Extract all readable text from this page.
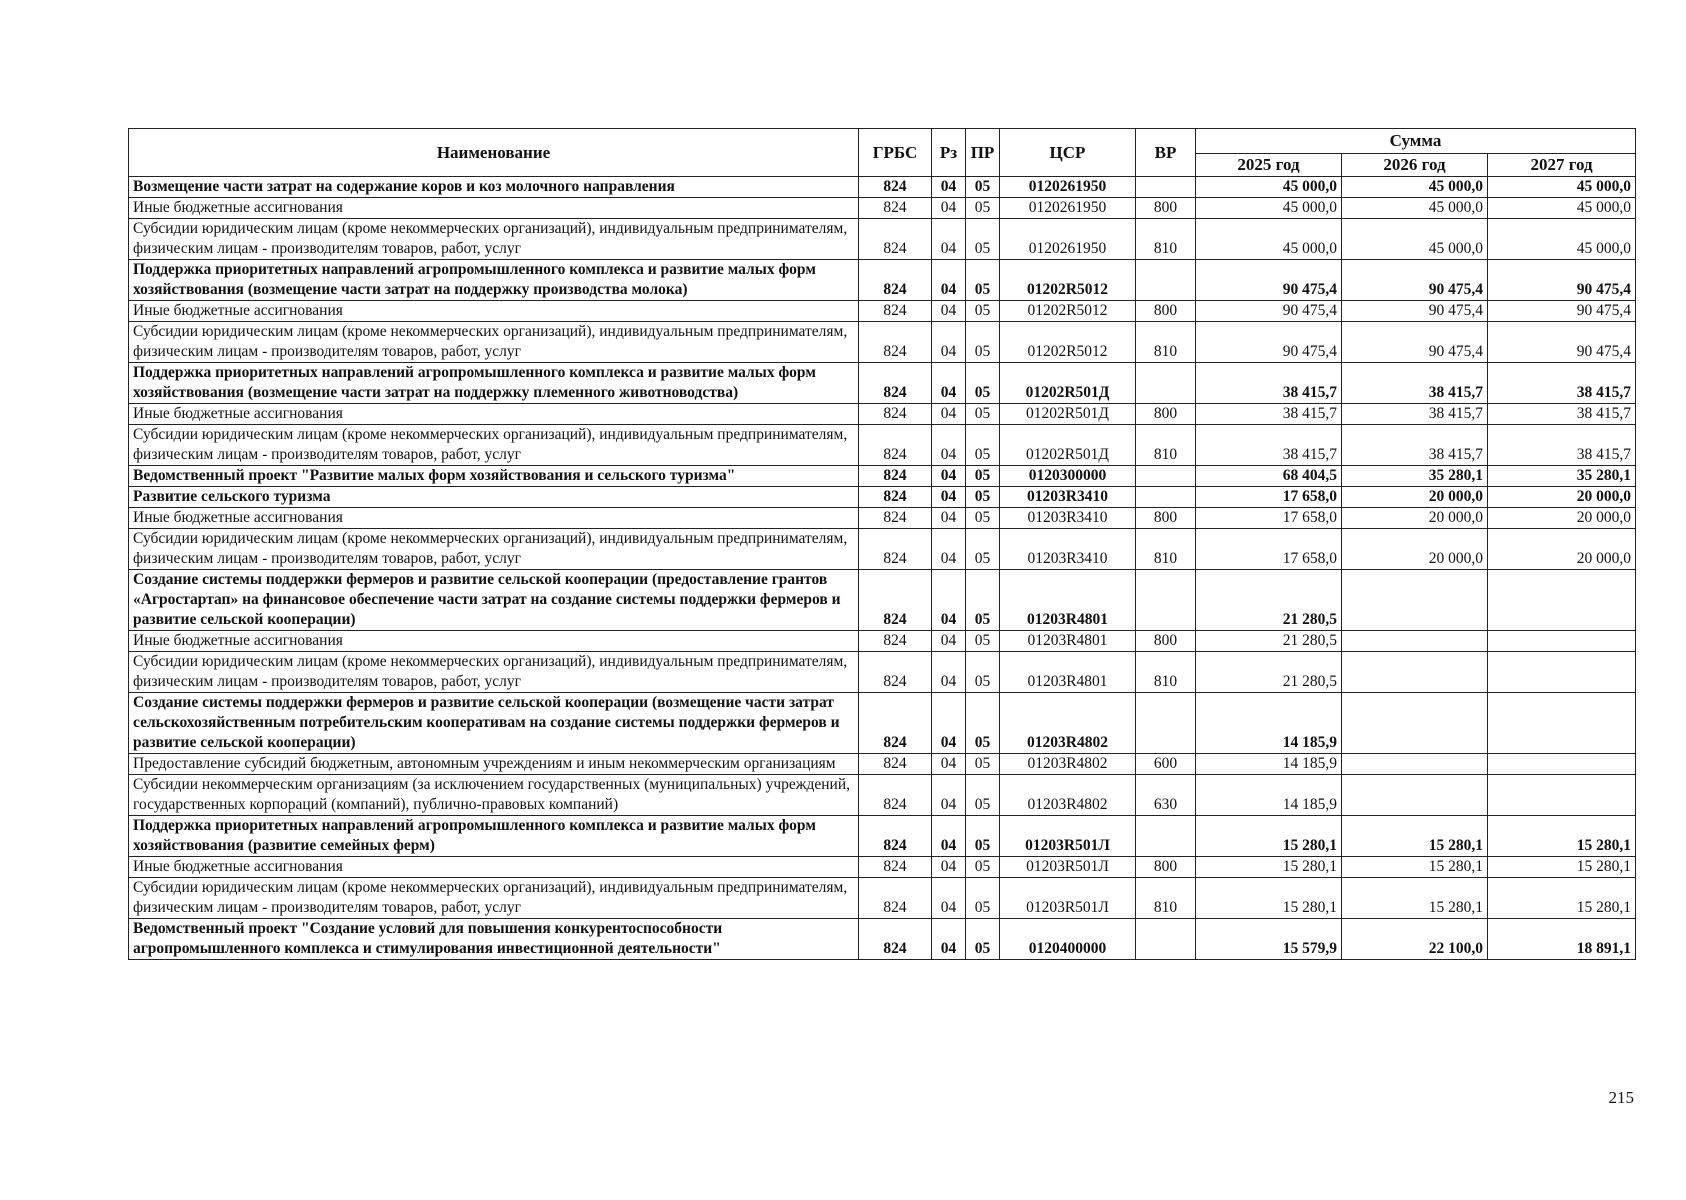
Наименование	ГРБС	Рз	ПР	ЦСР	ВР	Сумма		
						2025 год	2026 год	2027 год
Возмещение части затрат на содержание коров и коз молочного направления	824	04	05	0120261950		45 000,0	45 000,0	45 000,0
Иные бюджетные ассигнования	824	04	05	0120261950	800	45 000,0	45 000,0	45 000,0
Субсидии юридическим лицам (кроме некоммерческих организаций), индивидуальным предпринимателям, физическим лицам - производителям товаров, работ, услуг	824	04	05	0120261950	810	45 000,0	45 000,0	45 000,0
Поддержка приоритетных направлений агропромышленного комплекса и развитие малых форм хозяйствования (возмещение части затрат на поддержку производства молока)	824	04	05	01202R5012		90 475,4	90 475,4	90 475,4
Иные бюджетные ассигнования	824	04	05	01202R5012	800	90 475,4	90 475,4	90 475,4
Субсидии юридическим лицам (кроме некоммерческих организаций), индивидуальным предпринимателям, физическим лицам - производителям товаров, работ, услуг	824	04	05	01202R5012	810	90 475,4	90 475,4	90 475,4
Поддержка приоритетных направлений агропромышленного комплекса и развитие малых форм хозяйствования (возмещение части затрат на поддержку племенного животноводства)	824	04	05	01202R501Д		38 415,7	38 415,7	38 415,7
Иные бюджетные ассигнования	824	04	05	01202R501Д	800	38 415,7	38 415,7	38 415,7
Субсидии юридическим лицам (кроме некоммерческих организаций), индивидуальным предпринимателям, физическим лицам - производителям товаров, работ, услуг	824	04	05	01202R501Д	810	38 415,7	38 415,7	38 415,7
Ведомственный проект "Развитие малых форм хозяйствования и сельского туризма"	824	04	05	0120300000		68 404,5	35 280,1	35 280,1
Развитие сельского туризма	824	04	05	01203R3410		17 658,0	20 000,0	20 000,0
Иные бюджетные ассигнования	824	04	05	01203R3410	800	17 658,0	20 000,0	20 000,0
Субсидии юридическим лицам (кроме некоммерческих организаций), индивидуальным предпринимателям, физическим лицам - производителям товаров, работ, услуг	824	04	05	01203R3410	810	17 658,0	20 000,0	20 000,0
Создание системы поддержки фермеров и развитие сельской кооперации (предоставление грантов «Агростартап» на финансовое обеспечение части затрат на создание системы поддержки фермеров и развитие сельской кооперации)	824	04	05	01203R4801		21 280,5		
Иные бюджетные ассигнования	824	04	05	01203R4801	800	21 280,5		
Субсидии юридическим лицам (кроме некоммерческих организаций), индивидуальным предпринимателям, физическим лицам - производителям товаров, работ, услуг	824	04	05	01203R4801	810	21 280,5		
Создание системы поддержки фермеров и развитие сельской кооперации (возмещение части затрат сельскохозяйственным потребительским кооперативам на создание системы поддержки фермеров и развитие сельской кооперации)	824	04	05	01203R4802		14 185,9		
Предоставление субсидий бюджетным, автономным учреждениям и иным некоммерческим организациям	824	04	05	01203R4802	600	14 185,9		
Субсидии некоммерческим организациям (за исключением государственных (муниципальных) учреждений, государственных корпораций (компаний), публично-правовых компаний)	824	04	05	01203R4802	630	14 185,9		
Поддержка приоритетных направлений агропромышленного комплекса и развитие малых форм хозяйствования (развитие семейных ферм)	824	04	05	01203R501Л		15 280,1	15 280,1	15 280,1
Иные бюджетные ассигнования	824	04	05	01203R501Л	800	15 280,1	15 280,1	15 280,1
Субсидии юридическим лицам (кроме некоммерческих организаций), индивидуальным предпринимателям, физическим лицам - производителям товаров, работ, услуг	824	04	05	01203R501Л	810	15 280,1	15 280,1	15 280,1
Ведомственный проект "Создание условий для повышения конкурентоспособности агропромышленного комплекса и стимулирования инвестиционной деятельности"	824	04	05	0120400000		15 579,9	22 100,0	18 891,1
215
